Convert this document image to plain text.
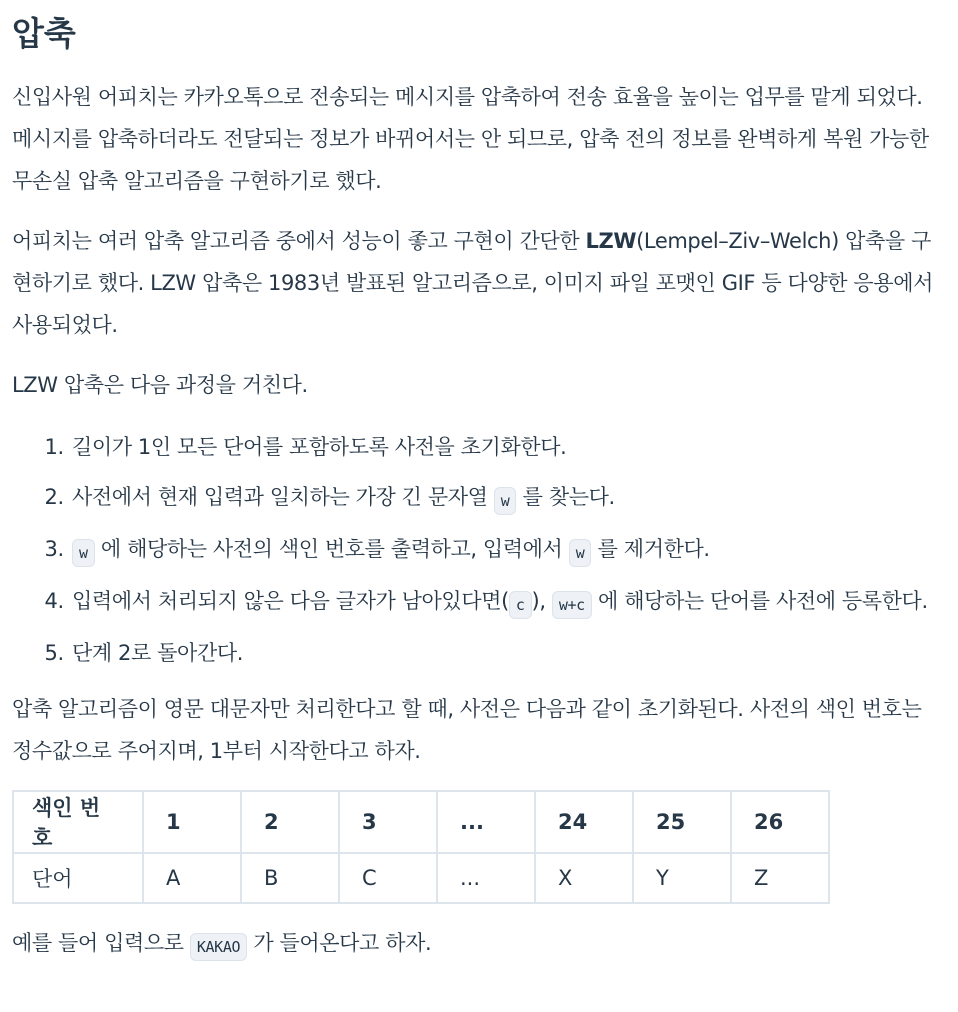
압축

신입사원 어피치는 카카오톡으로 전송되는 메시지를 압축하여 전송 효율을 높이는 업무를 맡게 되었다. 메시지를 압축하더라도 전달되는 정보가 바뀌어서는 안 되므로, 압축 전의 정보를 완벽하게 복원 가능한 무손실 압축 알고리즘을 구현하기로 했다.

어피치는 여러 압축 알고리즘 중에서 성능이 좋고 구현이 간단한 LZW(Lempel–Ziv–Welch) 압축을 구현하기로 했다. LZW 압축은 1983년 발표된 알고리즘으로, 이미지 파일 포맷인 GIF 등 다양한 응용에서 사용되었다.

LZW 압축은 다음 과정을 거친다.

1. 길이가 1인 모든 단어를 포함하도록 사전을 초기화한다.
2. 사전에서 현재 입력과 일치하는 가장 긴 문자열 w 를 찾는다.
3. w 에 해당하는 사전의 색인 번호를 출력하고, 입력에서 w 를 제거한다.
4. 입력에서 처리되지 않은 다음 글자가 남아있다면( c ), w+c 에 해당하는 단어를 사전에 등록한다.
5. 단계 2로 돌아간다.

압축 알고리즘이 영문 대문자만 처리한다고 할 때, 사전은 다음과 같이 초기화된다. 사전의 색인 번호는 정수값으로 주어지며, 1부터 시작한다고 하자.

색인 번호	1	2	3	...	24	25	26
단어	A	B	C	...	X	Y	Z

예를 들어 입력으로 KAKAO 가 들어온다고 하자.
